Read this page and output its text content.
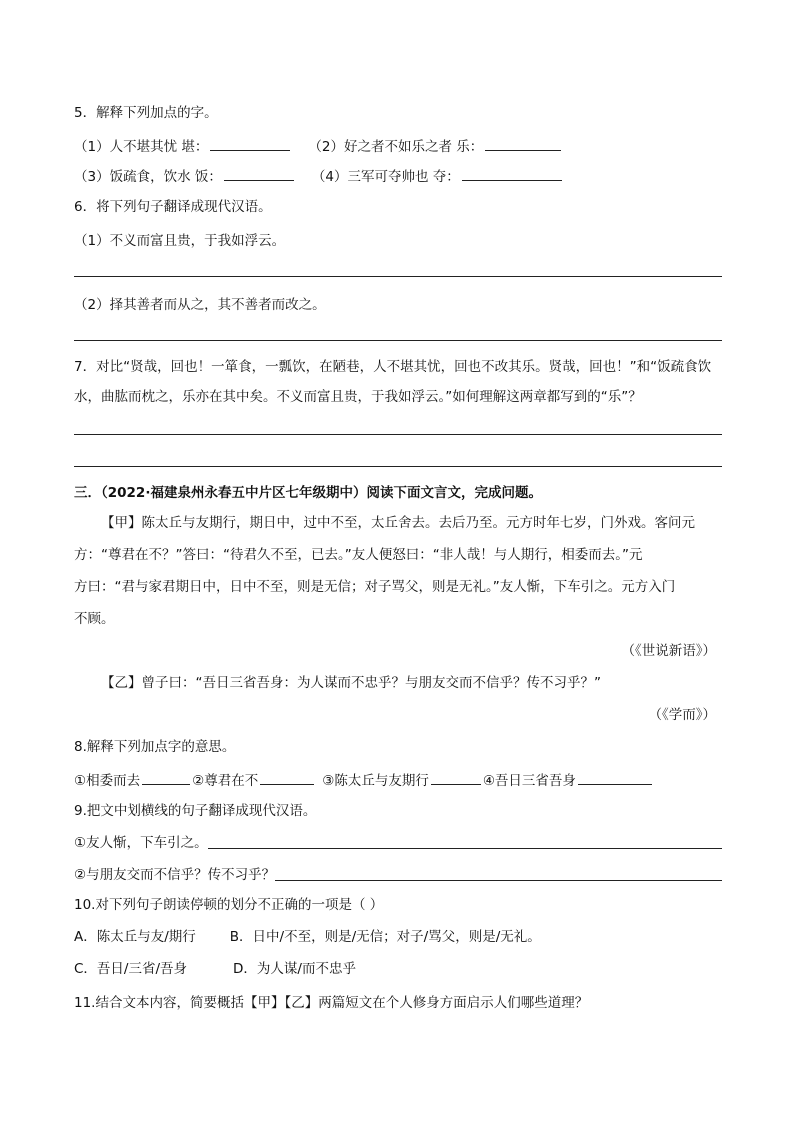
5．解释下列加点的字。
（1）人不堪其忧 堪：	（2）好之者不如乐之者 乐：
（3）饭疏食，饮水 饭：	（4）三军可夺帅也 夺：
6．将下列句子翻译成现代汉语。
（1）不义而富且贵，于我如浮云。
（2）择其善者而从之，其不善者而改之。
7．对比“贤哉，回也！一箪食，一瓢饮，在陋巷，人不堪其忧，回也不改其乐。贤哉，回也！”和“饭疏食饮
水，曲肱而枕之，乐亦在其中矣。不义而富且贵，于我如浮云。”如何理解这两章都写到的“乐”？
三．（2022·福建泉州永春五中片区七年级期中）阅读下面文言文，完成问题。
【甲】陈太丘与友期行，期日中，过中不至，太丘舍去。去后乃至。元方时年七岁，门外戏。客问元
方：“尊君在不？”答曰：“待君久不至，已去。”友人便怒曰：“非人哉！与人期行，相委而去。”元
方曰：“君与家君期日中，日中不至，则是无信；对子骂父，则是无礼。”友人惭，下车引之。元方入门
不顾。
（《世说新语》）
【乙】曾子曰：“吾日三省吾身：为人谋而不忠乎？与朋友交而不信乎？传不习乎？”
（《学而》）
8.解释下列加点字的意思。
①相委而去	②尊君在不	③陈太丘与友期行	④吾日三省吾身
9.把文中划横线的句子翻译成现代汉语。
①友人惭，下车引之。
②与朋友交而不信乎？传不习乎？
10.对下列句子朗读停顿的划分不正确的一项是（ ）
A．陈太丘与友/期行	B．日中/不至，则是/无信；对子/骂父，则是/无礼。
C．吾日/三省/吾身	D．为人谋/而不忠乎
11.结合文本内容，简要概括【甲】【乙】两篇短文在个人修身方面启示人们哪些道理？
